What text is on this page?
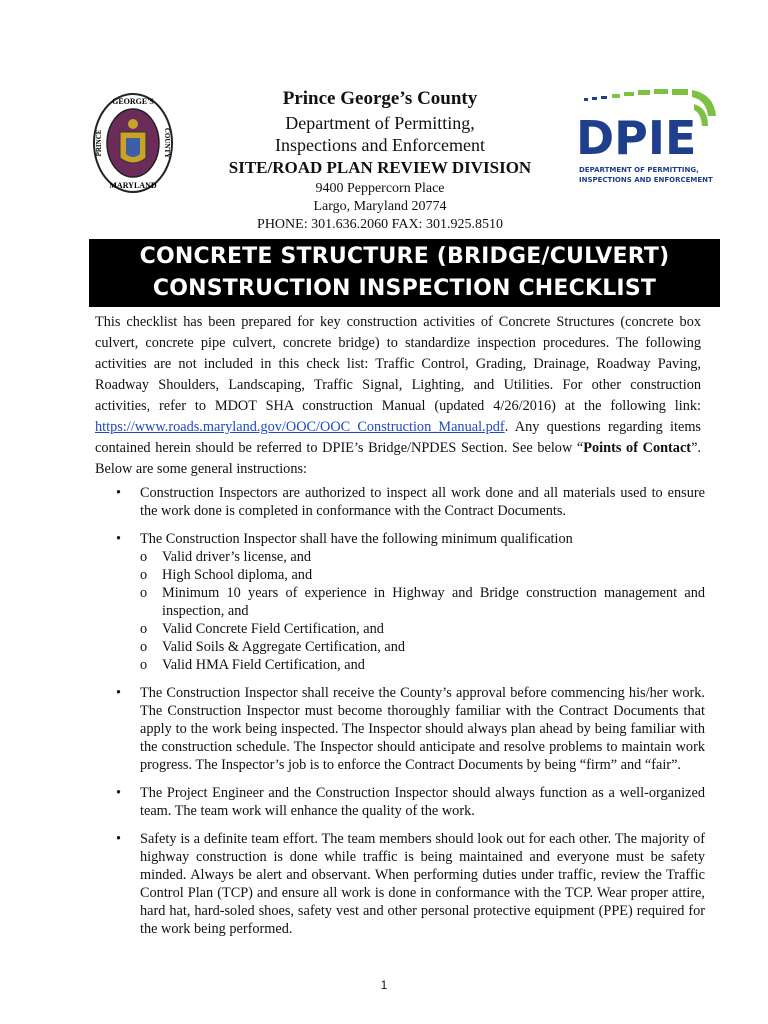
GEORGE'S
MARYLAND
PRINCE	COUNTY
Prince George’s County
Department of Permitting,
Inspections and Enforcement
SITE/ROAD PLAN REVIEW DIVISION
9400 Peppercorn Place
Largo, Maryland 20774
PHONE: 301.636.2060 FAX: 301.925.8510
DPIE
DEPARTMENT OF PERMITTING,
INSPECTIONS AND ENFORCEMENT
CONCRETE STRUCTURE (BRIDGE/CULVERT)
CONSTRUCTION INSPECTION CHECKLIST
This checklist has been prepared for key construction activities of Concrete Structures (concrete box culvert, concrete pipe culvert, concrete bridge) to standardize inspection procedures. The following activities are not included in this check list: Traffic Control, Grading, Drainage, Roadway Paving, Roadway Shoulders, Landscaping, Traffic Signal, Lighting, and Utilities. For other construction activities, refer to MDOT SHA construction Manual (updated 4/26/2016) at the following link: https://www.roads.maryland.gov/OOC/OOC_Construction_Manual.pdf. Any questions regarding items contained herein should be referred to DPIE’s Bridge/NPDES Section. See below “Points of Contact”. Below are some general instructions:
• Construction Inspectors are authorized to inspect all work done and all materials used to ensure the work done is completed in conformance with the Contract Documents.
• The Construction Inspector shall have the following minimum qualification
o Valid driver’s license, and
o High School diploma, and
o Minimum 10 years of experience in Highway and Bridge construction management and inspection, and
o Valid Concrete Field Certification, and
o Valid Soils & Aggregate Certification, and
o Valid HMA Field Certification, and
• The Construction Inspector shall receive the County’s approval before commencing his/her work. The Construction Inspector must become thoroughly familiar with the Contract Documents that apply to the work being inspected. The Inspector should always plan ahead by being familiar with the construction schedule. The Inspector should anticipate and resolve problems to maintain work progress. The Inspector’s job is to enforce the Contract Documents by being “firm” and “fair”.
• The Project Engineer and the Construction Inspector should always function as a well-organized team. The team work will enhance the quality of the work.
• Safety is a definite team effort. The team members should look out for each other. The majority of highway construction is done while traffic is being maintained and everyone must be safety minded. Always be alert and observant. When performing duties under traffic, review the Traffic Control Plan (TCP) and ensure all work is done in conformance with the TCP. Wear proper attire, hard hat, hard-soled shoes, safety vest and other personal protective equipment (PPE) required for the work being performed.
1
